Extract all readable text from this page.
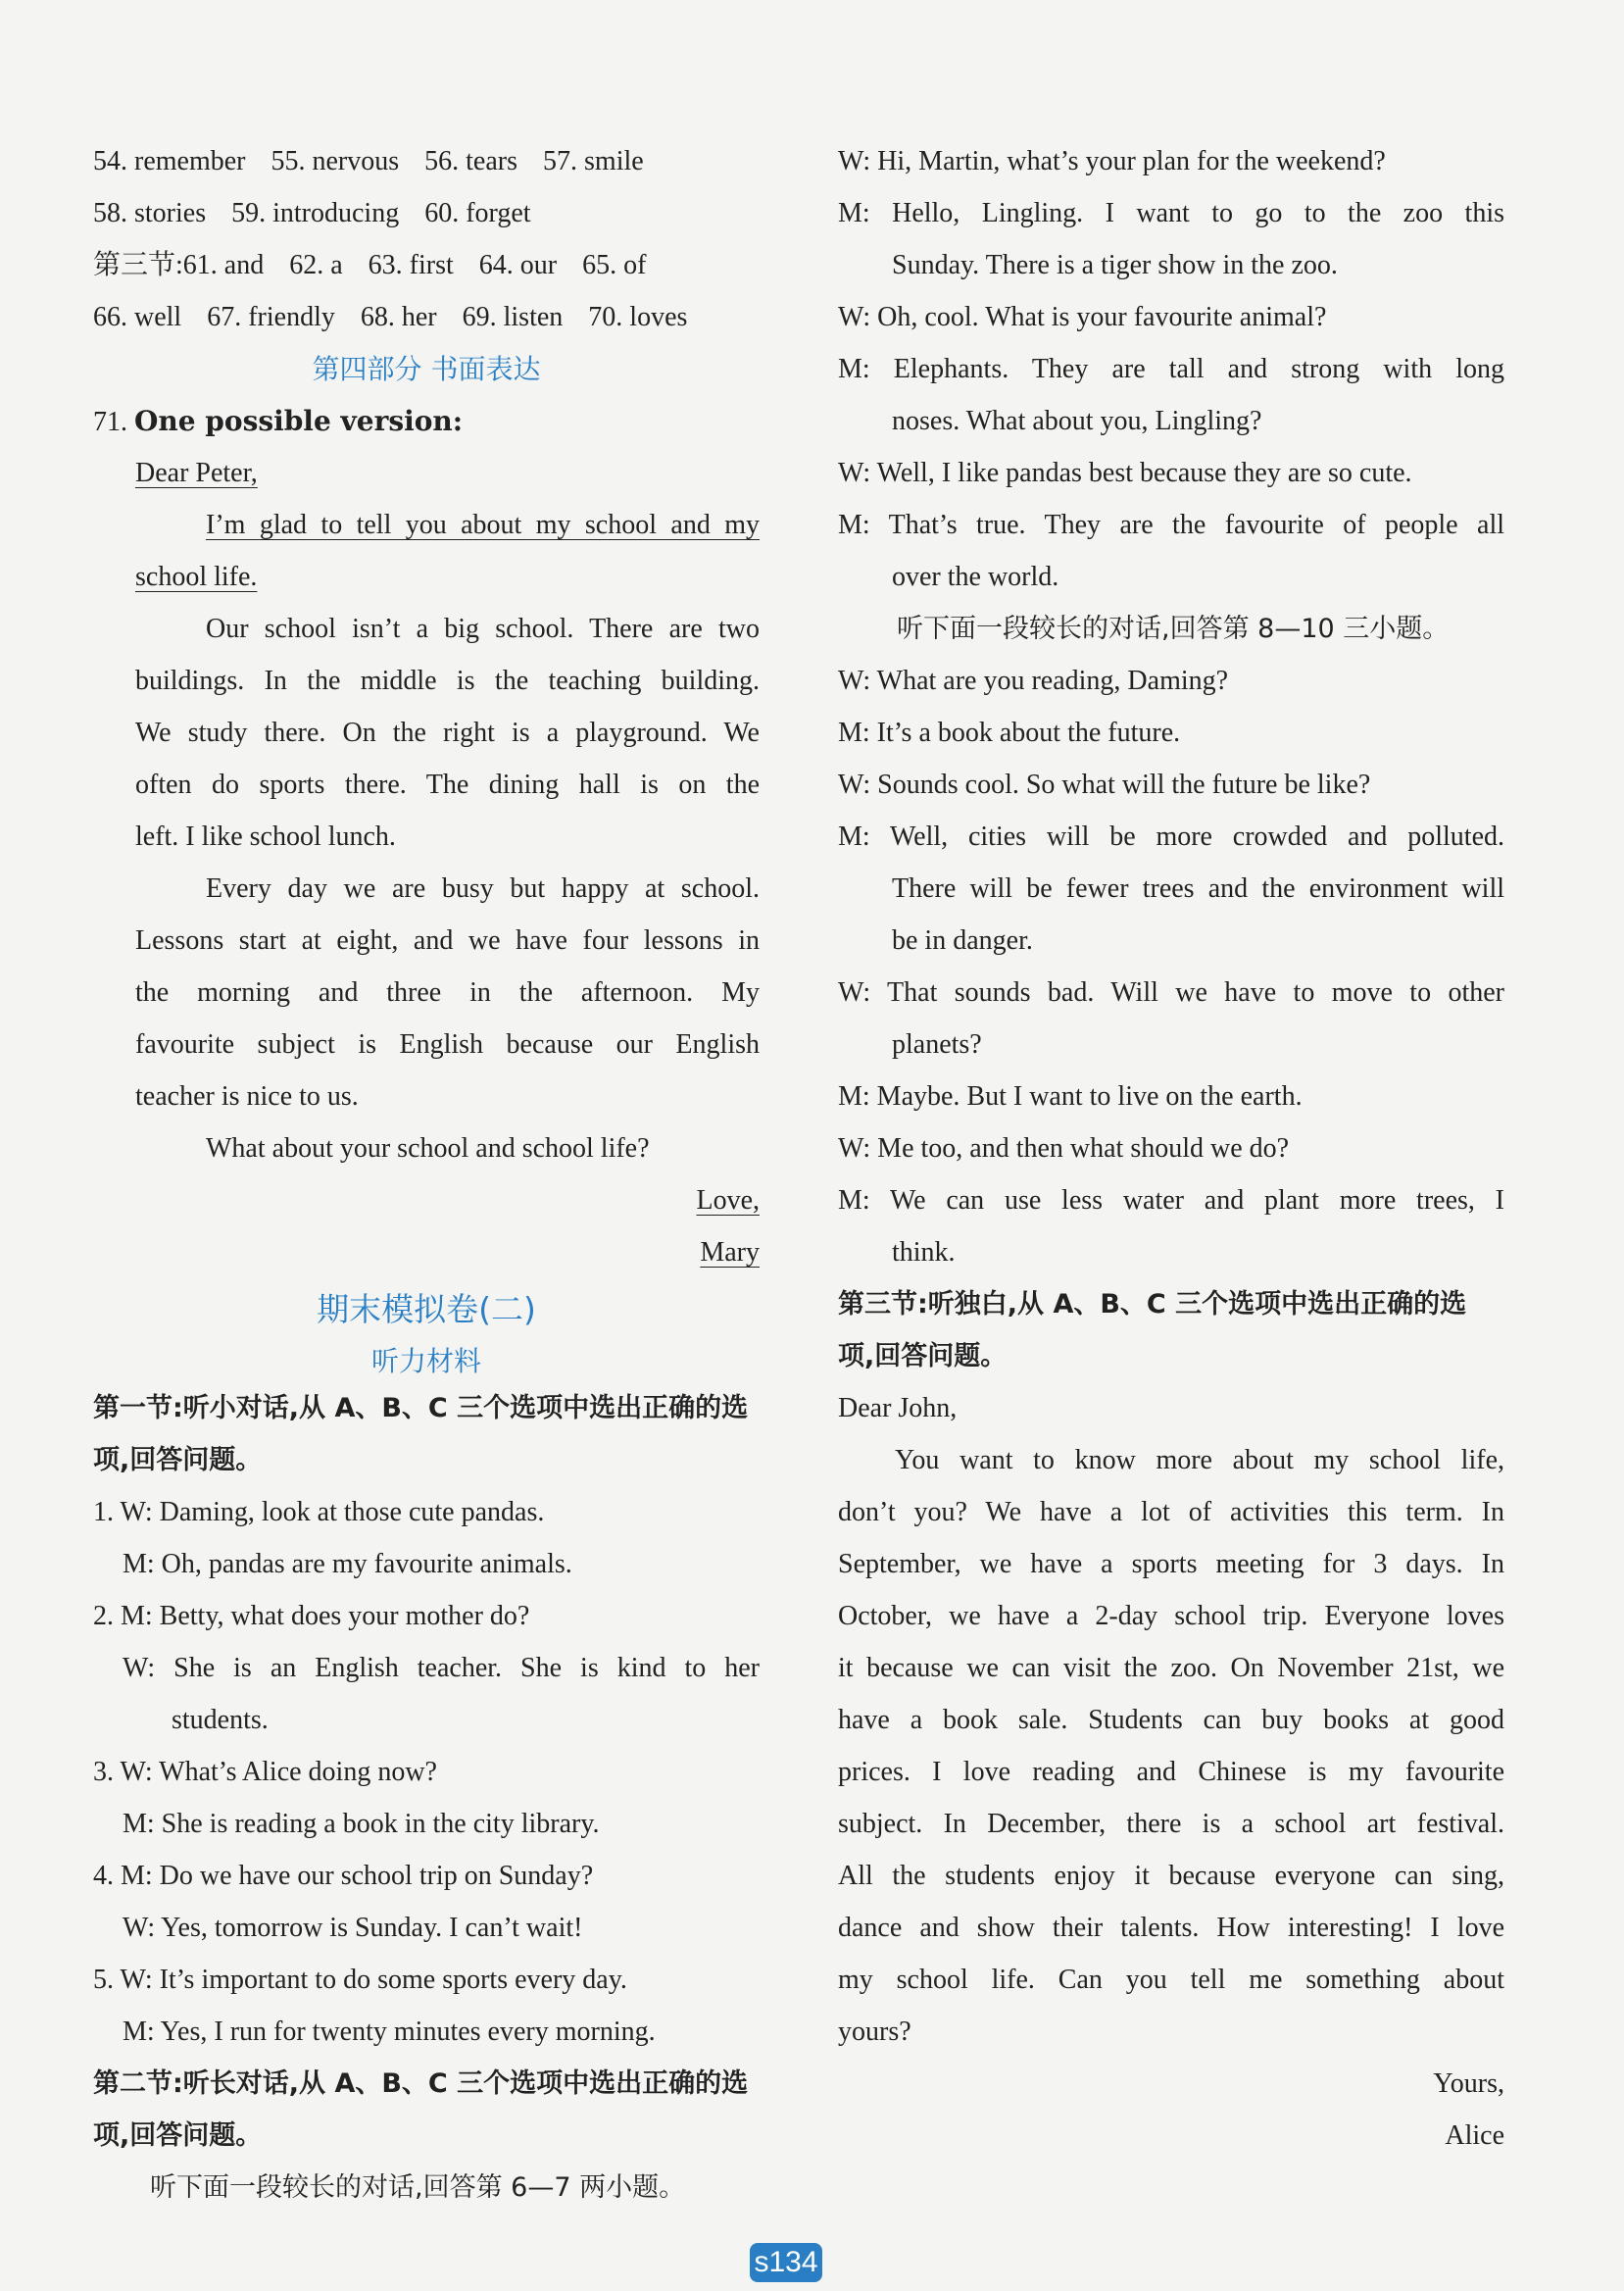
54. remember 55. nervous 56. tears 57. smile
58. stories 59. introducing 60. forget
第三节:61. and 62. a 63. first 64. our 65. of
66. well 67. friendly 68. her 69. listen 70. loves
第四部分 书面表达
71. One possible version:
Dear Peter,
I’m glad to tell you about my school and my
school life.
Our school isn’t a big school. There are two
buildings. In the middle is the teaching building.
We study there. On the right is a playground. We
often do sports there. The dining hall is on the
left. I like school lunch.
Every day we are busy but happy at school.
Lessons start at eight, and we have four lessons in
the morning and three in the afternoon. My
favourite subject is English because our English
teacher is nice to us.
What about your school and school life?
Love,
Mary
期末模拟卷(二)
听力材料
第一节:听小对话,从 A、B、C 三个选项中选出正确的选
项,回答问题。
1. W: Daming, look at those cute pandas.
M: Oh, pandas are my favourite animals.
2. M: Betty, what does your mother do?
W: She is an English teacher. She is kind to her
students.
3. W: What’s Alice doing now?
M: She is reading a book in the city library.
4. M: Do we have our school trip on Sunday?
W: Yes, tomorrow is Sunday. I can’t wait!
5. W: It’s important to do some sports every day.
M: Yes, I run for twenty minutes every morning.
第二节:听长对话,从 A、B、C 三个选项中选出正确的选
项,回答问题。
听下面一段较长的对话,回答第 6—7 两小题。
W: Hi, Martin, what’s your plan for the weekend?
M: Hello, Lingling. I want to go to the zoo this
Sunday. There is a tiger show in the zoo.
W: Oh, cool. What is your favourite animal?
M: Elephants. They are tall and strong with long
noses. What about you, Lingling?
W: Well, I like pandas best because they are so cute.
M: That’s true. They are the favourite of people all
over the world.
听下面一段较长的对话,回答第 8—10 三小题。
W: What are you reading, Daming?
M: It’s a book about the future.
W: Sounds cool. So what will the future be like?
M: Well, cities will be more crowded and polluted.
There will be fewer trees and the environment will
be in danger.
W: That sounds bad. Will we have to move to other
planets?
M: Maybe. But I want to live on the earth.
W: Me too, and then what should we do?
M: We can use less water and plant more trees, I
think.
第三节:听独白,从 A、B、C 三个选项中选出正确的选
项,回答问题。
Dear John,
You want to know more about my school life,
don’t you? We have a lot of activities this term. In
September, we have a sports meeting for 3 days. In
October, we have a 2-day school trip. Everyone loves
it because we can visit the zoo. On November 21st, we
have a book sale. Students can buy books at good
prices. I love reading and Chinese is my favourite
subject. In December, there is a school art festival.
All the students enjoy it because everyone can sing,
dance and show their talents. How interesting! I love
my school life. Can you tell me something about
yours?
Yours,
Alice
s134
